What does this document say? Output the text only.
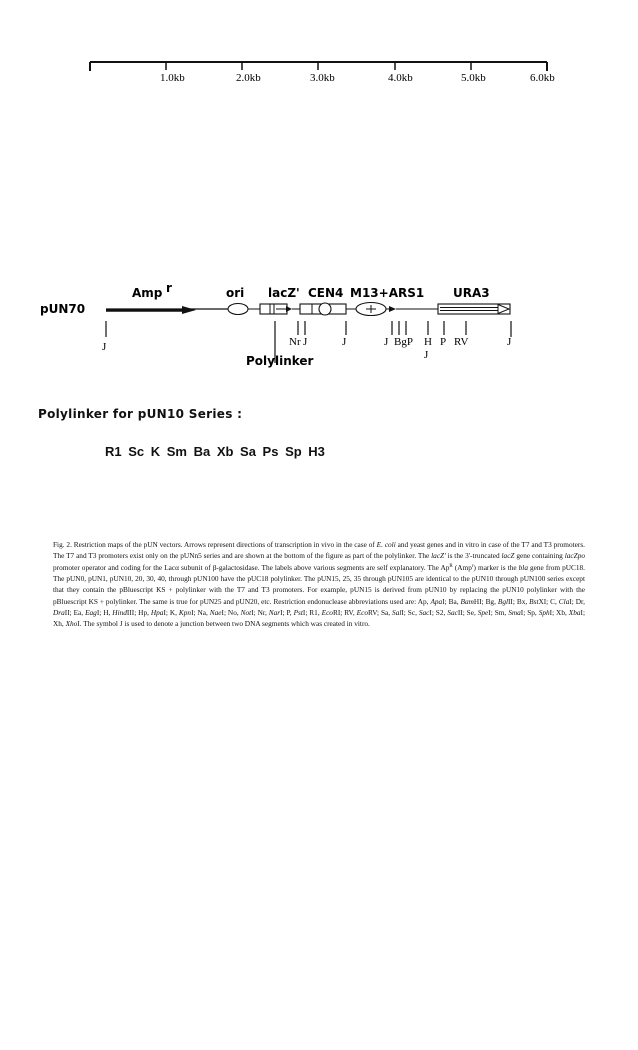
1.0kb	2.0kb	3.0kb	4.0kb	5.0kb	6.0kb
Amp r	ori lacZ' CEN4 M13+ARS1 URA3
pUN70
J	Nr J	J	J BgP H P RV
J
J
Polylinker

Polylinker for pUN10 Series :

R1 Sc K Sm Ba Xb Sa Ps Sp H3

Fig. 2. Restriction maps of the pUN vectors. Arrows represent directions of transcription in vivo in the case of E. coli and yeast genes and in vitro in case of the T7 and T3 promoters. The T7 and T3 promoters exist only on the pUNn5 series and are shown at the bottom of the figure as part of the polylinker. The lacZ' is the 3'-truncated lacZ gene containing lacZpo promoter operator and coding for the Lacα subunit of β-galactosidase. The labels above various segments are self explanatory. The $Ap^R$ (Amp$^r$) marker is the bla gene from pUC18. The pUN0, pUN1, pUN10, 20, 30, 40, through pUN100 have the pUC18 polylinker. The pUN15, 25, 35 through pUN105 are identical to the pUN10 through pUN100 series except that they contain the pBluescript KS + polylinker with the T7 and T3 promoters. For example, pUN15 is derived from pUN10 by replacing the pUN10 polylinker with the pBluescript KS + polylinker. The same is true for pUN25 and pUN20, etc. Restriction endonuclease abbreviations used are: Ap, ApaI; Ba, BamHI; Bg, BglII; Bx, BstXI; C, ClaI; Dr, DraII; Ea, EagI; H, HindIII; Hp, HpaI; K, KpnI; Na, NaeI; No, NotI; Nr, NarI; P, PstI; R1, EcoRI; RV, EcoRV; Sa, SalI; Sc, SacI; S2, SacII; Se, SpeI; Sm, SmaI; Sp, SphI; Xb, XbaI; Xh, XhoI. The symbol J is used to denote a junction between two DNA segments which was created in vitro.
